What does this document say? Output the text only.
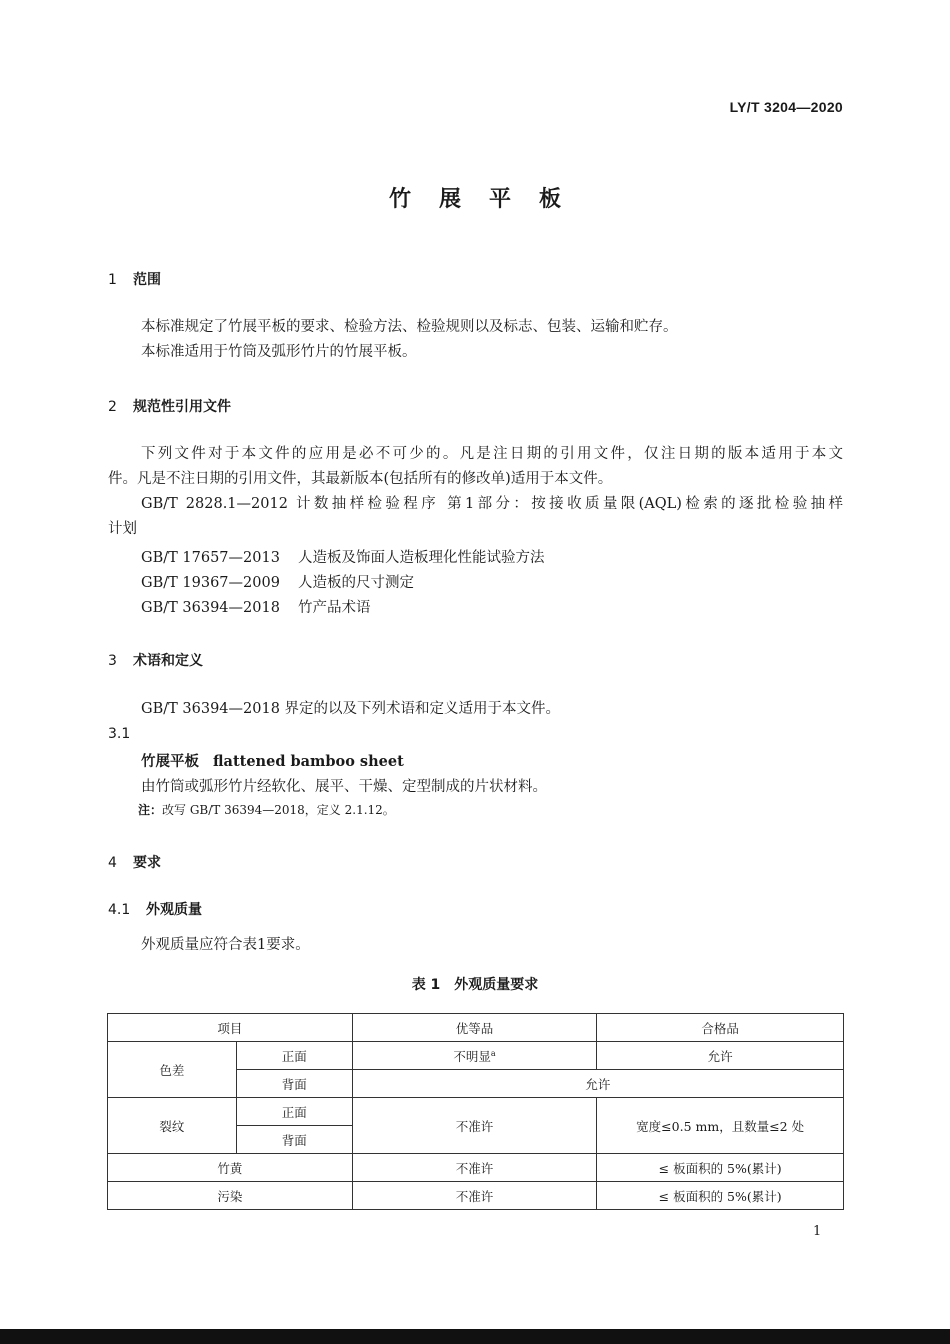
LY/T 3204—2020
竹展平板
1 范围
本标准规定了竹展平板的要求、检验方法、检验规则以及标志、包装、运输和贮存。
本标准适用于竹筒及弧形竹片的竹展平板。
2 规范性引用文件
下列文件对于本文件的应用是必不可少的。凡是注日期的引用文件，仅注日期的版本适用于本文
件。凡是不注日期的引用文件，其最新版本(包括所有的修改单)适用于本文件。
GB/T 2828.1—2012 计数抽样检验程序 第1部分：按接收质量限(AQL)检索的逐批检验抽样
计划
GB/T 17657—2013 人造板及饰面人造板理化性能试验方法
GB/T 19367—2009 人造板的尺寸测定
GB/T 36394—2018 竹产品术语
3 术语和定义
GB/T 36394—2018 界定的以及下列术语和定义适用于本文件。
3.1
竹展平板 flattened bamboo sheet
由竹筒或弧形竹片经软化、展平、干燥、定型制成的片状材料。
注：改写 GB/T 36394—2018，定义 2.1.12。
4 要求
4.1 外观质量
外观质量应符合表1要求。
表 1　外观质量要求
项目		优等品	合格品
色差	正面	不明显$^a$	允许
	背面	允许	
裂纹	正面	不准许	宽度≤0.5 mm，且数量≤2 处
	背面		
竹黄		不准许	≤ 板面积的 5%(累计)
污染		不准许	≤ 板面积的 5%(累计)
1
